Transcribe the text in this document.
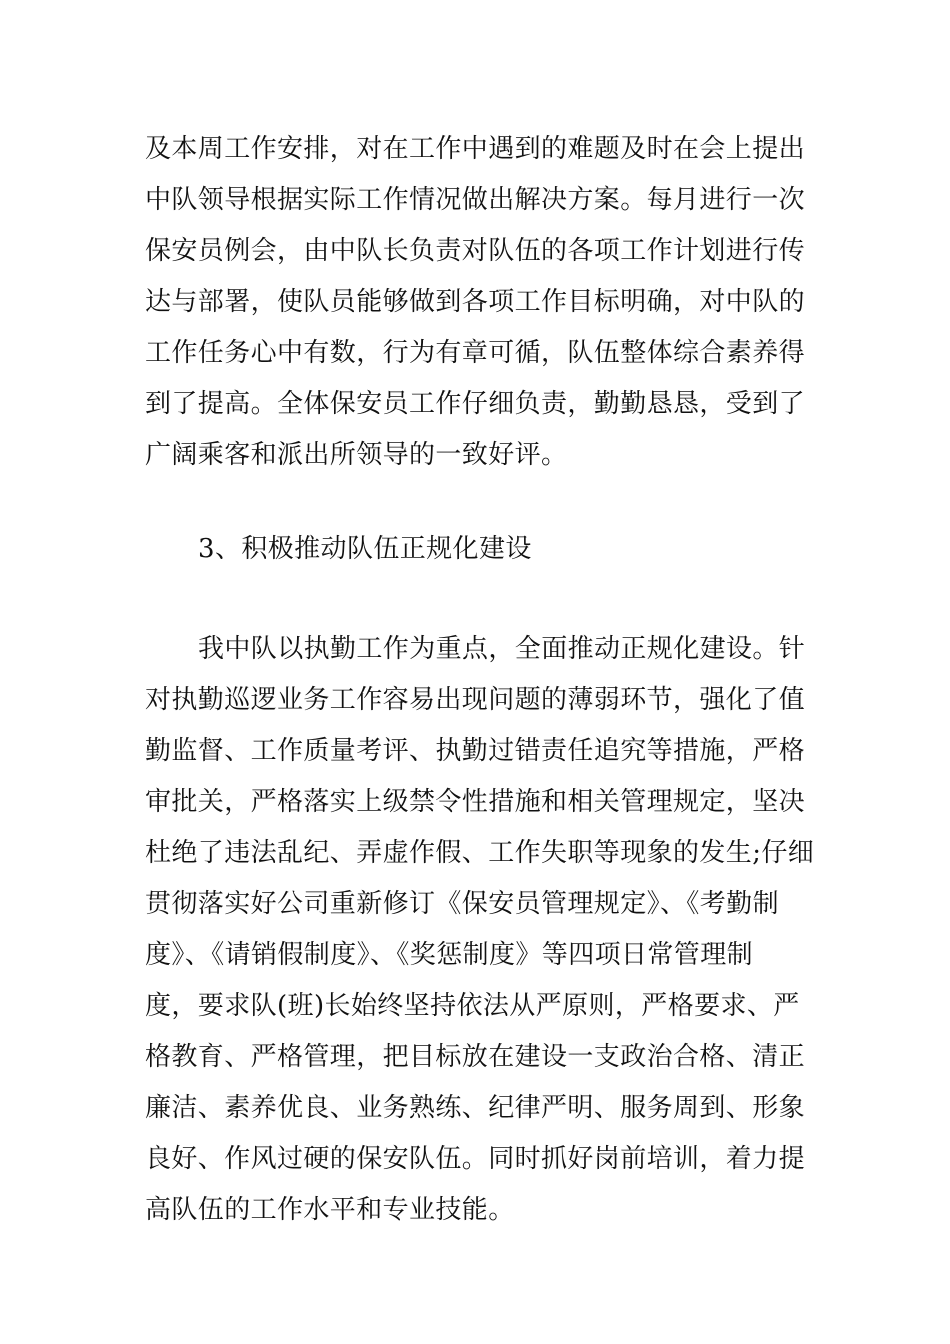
及本周工作安排，对在工作中遇到的难题及时在会上提出
中队领导根据实际工作情况做出解决方案。每月进行一次
保安员例会，由中队长负责对队伍的各项工作计划进行传
达与部署，使队员能够做到各项工作目标明确，对中队的
工作任务心中有数，行为有章可循，队伍整体综合素养得
到了提高。全体保安员工作仔细负责，勤勤恳恳，受到了
广阔乘客和派出所领导的一致好评。
3、积极推动队伍正规化建设
我中队以执勤工作为重点，全面推动正规化建设。针
对执勤巡逻业务工作容易出现问题的薄弱环节，强化了值
勤监督、工作质量考评、执勤过错责任追究等措施，严格
审批关，严格落实上级禁令性措施和相关管理规定，坚决
杜绝了违法乱纪、弄虚作假、工作失职等现象的发生;仔细
贯彻落实好公司重新修订《保安员管理规定》、《考勤制
度》、《请销假制度》、《奖惩制度》等四项日常管理制
度，要求队(班)长始终坚持依法从严原则，严格要求、严
格教育、严格管理，把目标放在建设一支政治合格、清正
廉洁、素养优良、业务熟练、纪律严明、服务周到、形象
良好、作风过硬的保安队伍。同时抓好岗前培训，着力提
高队伍的工作水平和专业技能。
